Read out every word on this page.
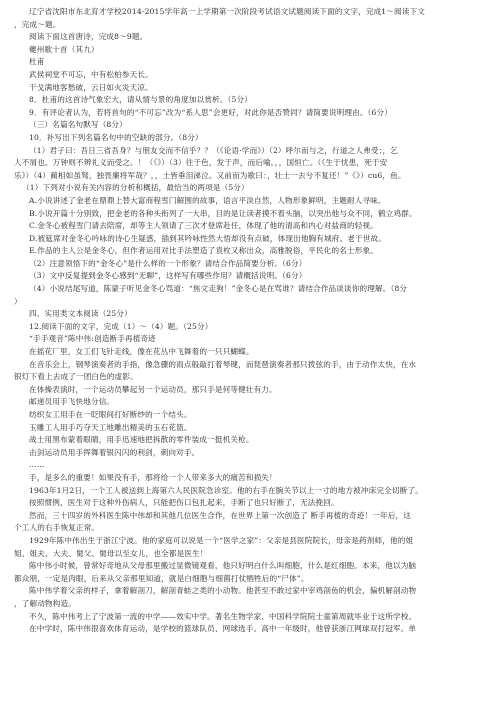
辽宁省沈阳市东北育才学校2014-2015学年高一上学期第一次阶段考试语文试题阅读下面的文字，完成1～阅读下文
，完成～题。
阅读下面这首唐诗，完成8～9题。
夔州歌十首（其九）
杜甫
武侯祠堂不可忘，中有松柏参天长。
干戈满地客愁破，云日如火炎天凉。
8．杜甫的这首诗气象宏大，请从情与景的角度加以赏析。（5分）
9．有评论者认为，若将首句的“不可忘”改为“系人思”会更好，对此你是否赞同？请简要说明理由。（6分）
（三）名篇名句默写（8分）
10．补写出下列名篇名句中的空缺的部分。（8分）
（1）君子曰：吾日三省吾身？与朋友交而不信乎？？（《论语·学而》）（2）呼尔而与之，行道之人弗受；，乞
人不屑也。万钟则不辨礼义而受之。！（《》）（3）往于色，发于声，而后喻。，，国恒亡。（《生于忧患，死于安
乐》）（4）蔺相如虽驽，独畏廉将军哉？，，士皆垂泪涕泣。又前而为歌曰：，壮士一去兮不复还！”《》）cu6，鱼。
（1）下列对小说有关内容的分析和概括，最恰当的两项是（5分）
A.小说讲述了金老在鼎鼎上替大富商程雪门解围的故事，语言平淡自然，人物形象鲜明，主题耐人寻味。
B.小说开篇十分别致，把金老的各种头衔列了一大串，目的是让读者摸不着头脑，以突出他与众不同，鹤立鸡群。
C.金冬心被程雪门请去陪席，却等主人领请了三次才登席赴任，体现了他的清高和内心对盐商的轻视。
D.被筵席对金冬心吟咏的诗心生疑惑，插到其吟咏性然大悟却没有点破，体现出他胸有城府、老于世故。
E.作品的主人公是金冬心，但作者运用对比手法塑造了袁枚又称出众，高雅脱俗，平民化的名士形象。
（2）注意领悟下的“金冬心”是什么样的一个形象？请结合作品简要分析。（6分）
（3）文中反复提到金冬心感到“无聊”，这样写有哪些作用？请概括说明。（6分）
（4）小说结尾写道，陈蒙子听见金冬心骂道：“焦文走狗！”金冬心是在骂谁？请结合作品谈谈你的理解。（8分
）
四、实用类文本阅读（25分）
12.阅读下面的文字，完成（1）～（4）题。（25分）
“手手观音”陈中伟:创造断手再植奇迹
在摇花厂里，女工们飞针走线，像在花丛中飞舞着的一只只蝴蝶。
在音乐会上，钢琴演奏者的手指，像急骤的雨点般敲打着琴键，而琵琶演奏者那只拨弦的手，由于动作太快，在水
银灯下看上去成了一团白色的虚影。
在体操表演时，一个运动员攀起另一个运动员，那只手是何等健壮有力。
邮递员用手飞快地分信。
纺织女工用手在一眨眼间打好断纱的一个结头。
玉雕工人用手巧夺天工地雕出精美的玉石花篮。
战士用黑布蒙着眼睛，用手迅速地把拆散的零件装成一挺机关枪。
击剑运动员用手挥舞着银闪闪的利剑，刺向对手。
……
手，是多么的重要！如果没有手，那将给一个人带来多大的痛苦和损失！
1963年1月2日，一个工人被送到上海第六人民医院急诊室。他的右手在腕关节以上一寸的地方被冲床完全切断了。
按照惯例，医生对于这种外伤病人，只能把伤口包扎起来，手断了也只好断了，无法挽回。
然而，三十四岁的外科医生陈中伟却和其他几位医生合作，在世界上第一次创造了 断手再植的奇迹！一年后，这
个工人的右手恢复正常。
1929年陈中伟出生于浙江宁波。他的家庭可以说是一个“医学之家”：父亲是县医院院长，母亲是药剂师，他的姐
姐、姐夫、大夫、舅父、舅母以至女儿，也全都是医生！
陈中伟小时候，曾常好奇地从父母那里搬过显微镜观看，他只好明白什么叫细胞，什么是红细胞。本来，他以为脑
都众朋，一定是肉眼，后来从父亲那里知道，就是白细胞与细菌打仗牺牲后的“尸体”。
陈中伟学着父亲的样子，拿着解剖刀，解剖青蛙之类的小动物。他甚至不敢过家中宰鸡剖鱼的机会，偏机解剖动物
，了解动物构造。
不久，陈中伟考上了宁波第一流的中学——效实中学。著名生物学家、中国科学院院士童第周就毕业于这所学校。
在中学时，陈中伟很喜欢体育运动，是学校的篮球队员、网球选手。高中一年级时，他曾获浙江网球双打冠军。单
